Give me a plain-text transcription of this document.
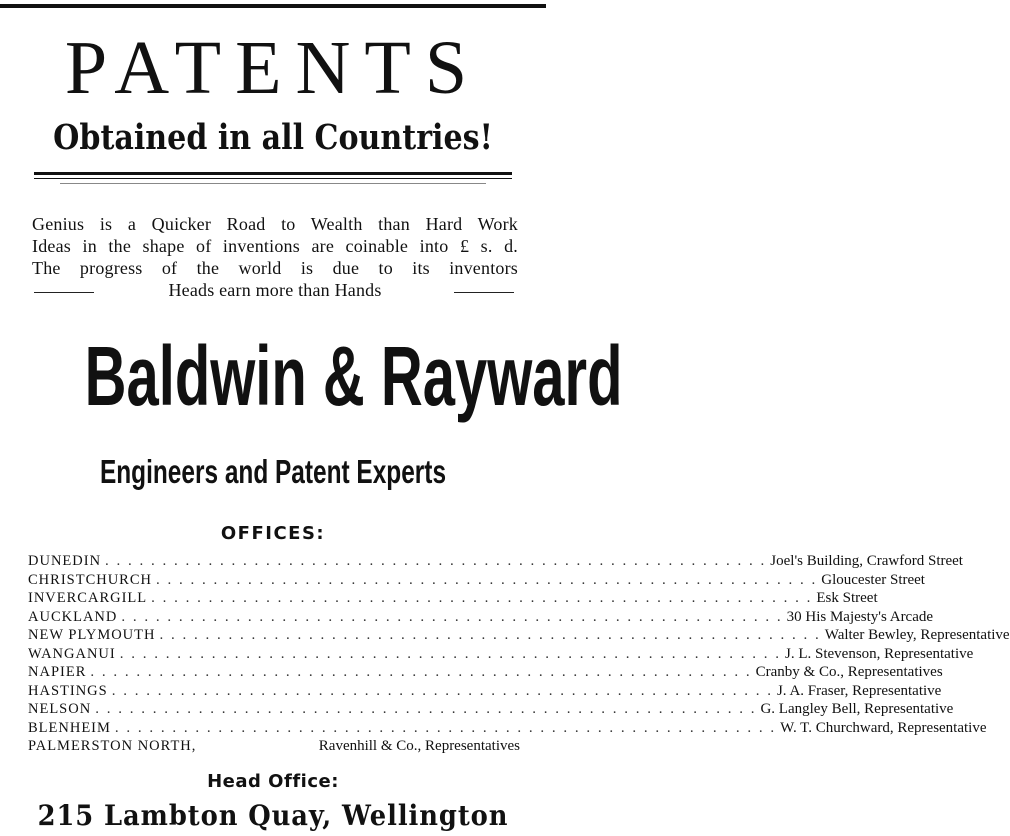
PATENTS
Obtained in all Countries!
Genius is a Quicker Road to Wealth than Hard Work
Ideas in the shape of inventions are coinable into £ s. d.
The progress of the world is due to its inventors
Heads earn more than Hands
Baldwin & Rayward
Engineers and Patent Experts
OFFICES:
DUNEDIN . . .	Joel's Building, Crawford Street
CHRISTCHURCH . . .	Gloucester Street
INVERCARGILL . . .	Esk Street
AUCKLAND . . .	30 His Majesty's Arcade
NEW PLYMOUTH . . .	Walter Bewley, Representative
WANGANUI . . .	J. L. Stevenson, Representative
NAPIER . . .	Cranby & Co., Representatives
HASTINGS . . .	J. A. Fraser, Representative
NELSON . . .	G. Langley Bell, Representative
BLENHEIM . . .	W. T. Churchward, Representative
PALMERSTON NORTH,	Ravenhill & Co., Representatives
Head Office:
215 Lambton Quay, Wellington
